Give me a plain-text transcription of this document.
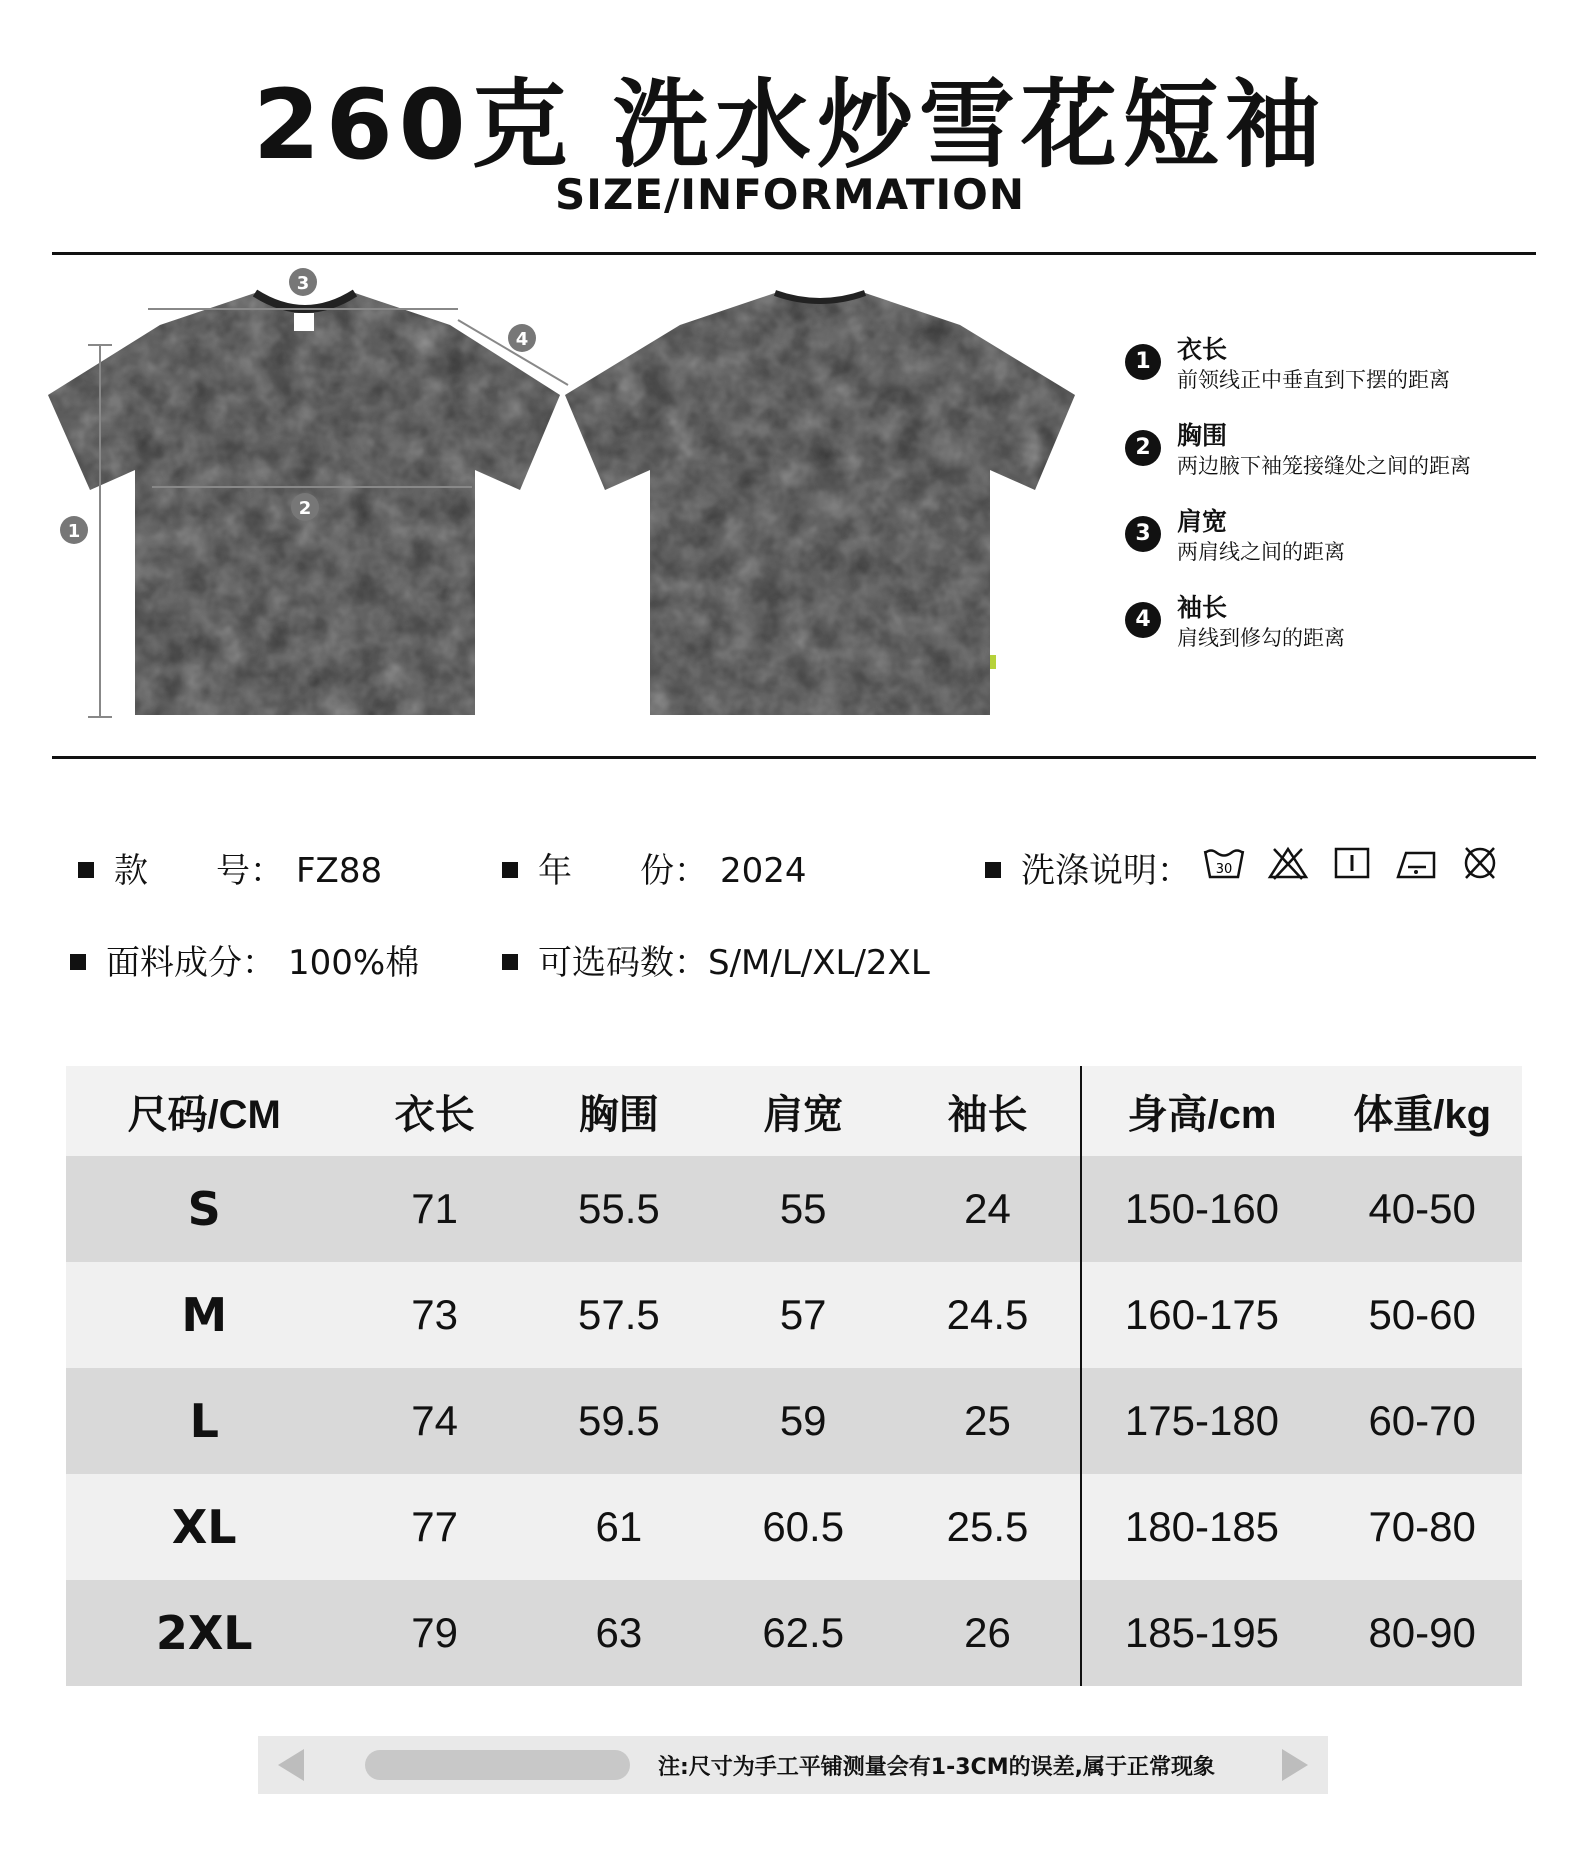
260克 洗水炒雪花短袖
SIZE/INFORMATION
1
2
3
4
1	衣长
前领线正中垂直到下摆的距离
2	胸围
两边腋下袖笼接缝处之间的距离
3	肩宽
两肩线之间的距离
4	袖长
肩线到修勾的距离
款　　号： FZ88	年　　份： 2024	洗涤说明： 30
面料成分： 100%棉	可选码数：S/M/L/XL/2XL
尺码/CM	衣长	胸围	肩宽	袖长	身高/cm	体重/kg
S	71	55.5	55	24	150-160	40-50
M	73	57.5	57	24.5	160-175	50-60
L	74	59.5	59	25	175-180	60-70
XL	77	61	60.5	25.5	180-185	70-80
2XL	79	63	62.5	26	185-195	80-90
注:尺寸为手工平铺测量会有1-3CM的误差,属于正常现象
